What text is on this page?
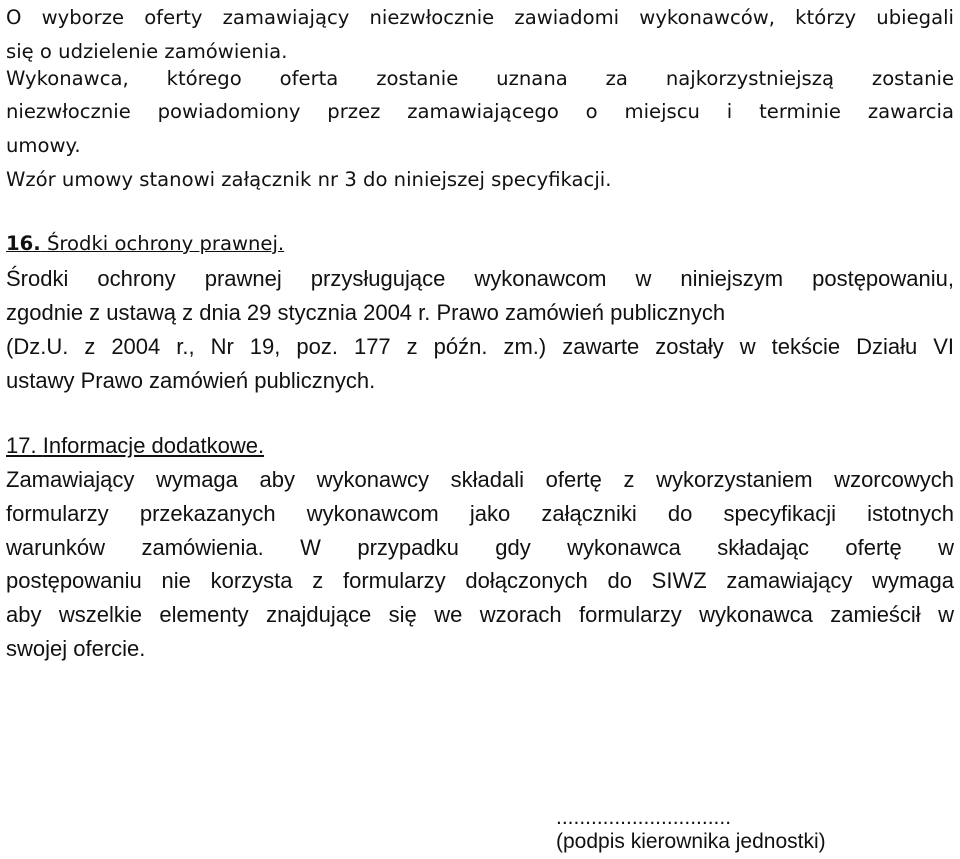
O wyborze oferty zamawiający niezwłocznie zawiadomi wykonawców, którzy ubiegali
się o udzielenie zamówienia.
Wykonawca, którego oferta zostanie uznana za najkorzystniejszą zostanie
niezwłocznie powiadomiony przez zamawiającego o miejscu i terminie zawarcia
umowy.
Wzór umowy stanowi załącznik nr 3 do niniejszej specyfikacji.
16. Środki ochrony prawnej.
Środki ochrony prawnej przysługujące wykonawcom w niniejszym postępowaniu,
zgodnie z ustawą z dnia 29 stycznia 2004 r. Prawo zamówień publicznych
(Dz.U. z 2004 r., Nr 19, poz. 177 z późn. zm.) zawarte zostały w tekście Działu VI
ustawy Prawo zamówień publicznych.
17. Informacje dodatkowe.
Zamawiający wymaga aby wykonawcy składali ofertę z wykorzystaniem wzorcowych
formularzy przekazanych wykonawcom jako załączniki do specyfikacji istotnych
warunków zamówienia. W przypadku gdy wykonawca składając ofertę w
postępowaniu nie korzysta z formularzy dołączonych do SIWZ zamawiający wymaga
aby wszelkie elementy znajdujące się we wzorach formularzy wykonawca zamieścił w
swojej ofercie.
..............................
(podpis kierownika jednostki)
